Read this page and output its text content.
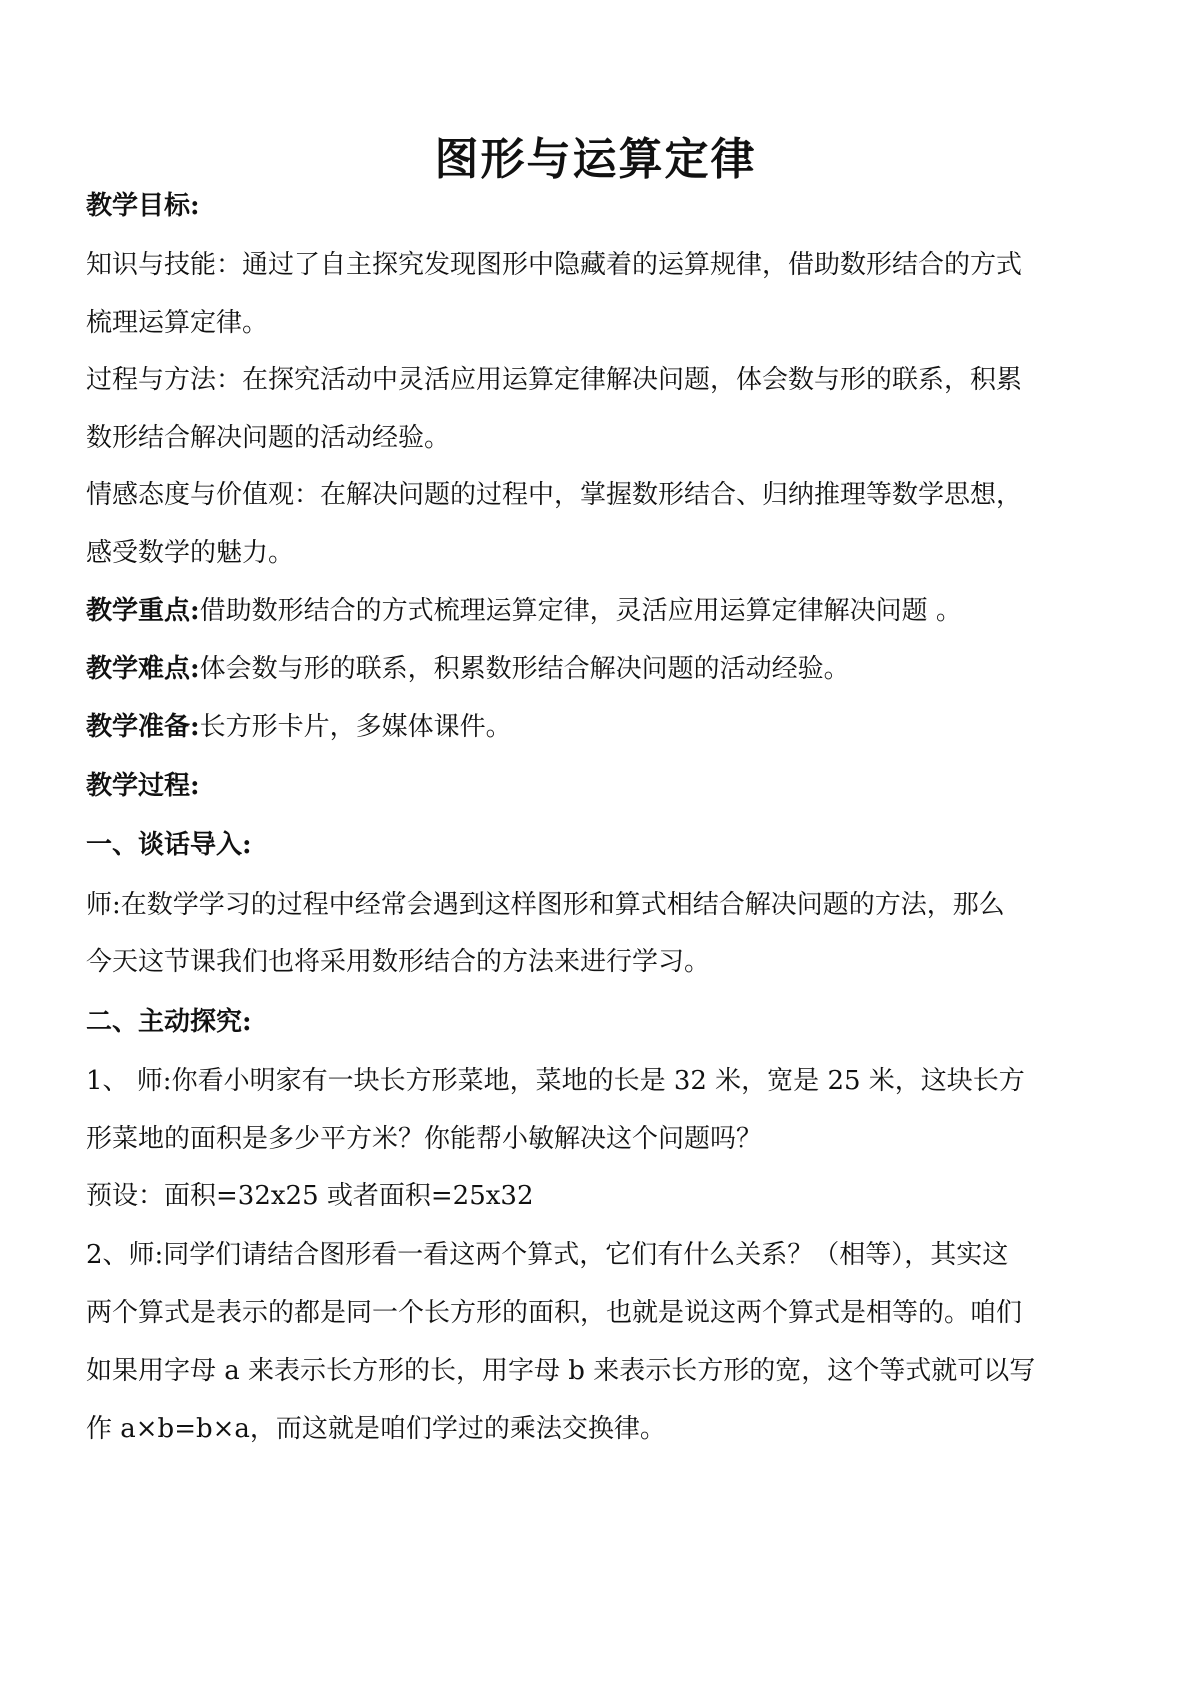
图形与运算定律

教学目标:

知识与技能：通过了自主探究发现图形中隐藏着的运算规律，借助数形结合的方式

梳理运算定律。

过程与方法：在探究活动中灵活应用运算定律解决问题，体会数与形的联系，积累

数形结合解决问题的活动经验。

情感态度与价值观：在解决问题的过程中，掌握数形结合、归纳推理等数学思想，

感受数学的魅力。

教学重点:借助数形结合的方式梳理运算定律，灵活应用运算定律解决问题 。

教学难点:体会数与形的联系，积累数形结合解决问题的活动经验。

教学准备:长方形卡片，多媒体课件。

教学过程:

一、谈话导入:

师:在数学学习的过程中经常会遇到这样图形和算式相结合解决问题的方法，那么

今天这节课我们也将采用数形结合的方法来进行学习。

二、主动探究:

1、 师:你看小明家有一块长方形菜地，菜地的长是 32 米，宽是 25 米，这块长方

形菜地的面积是多少平方米？你能帮小敏解决这个问题吗？

预设：面积=32x25 或者面积=25x32

2、师:同学们请结合图形看一看这两个算式，它们有什么关系？（相等），其实这

两个算式是表示的都是同一个长方形的面积，也就是说这两个算式是相等的。咱们

如果用字母 a 来表示长方形的长，用字母 b 来表示长方形的宽，这个等式就可以写

作 a×b=b×a，而这就是咱们学过的乘法交换律。
